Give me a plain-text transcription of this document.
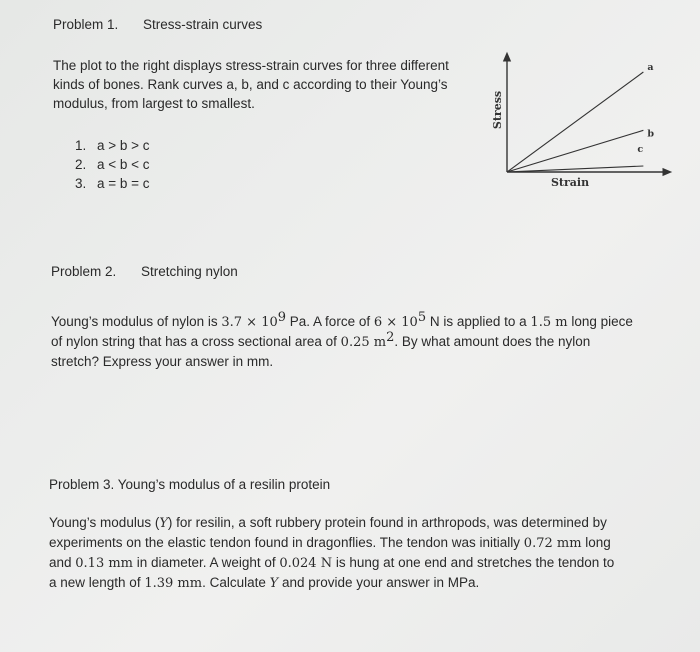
Problem 1. Stress-strain curves

The plot to the right displays stress-strain curves for three different
kinds of bones. Rank curves a, b, and c according to their Young’s
modulus, from largest to smallest.

1. a > b > c
2. a < b < c
3. a = b = c
a
b
c
Stress
Strain

Problem 2. Stretching nylon

Young’s modulus of nylon is $3.7 \times 10^9$ Pa. A force of $6 \times 10^5$ N is applied to a 1.5 m long piece
of nylon string that has a cross sectional area of 0.25 $m^2$. By what amount does the nylon
stretch? Express your answer in mm.

Problem 3. Young’s modulus of a resilin protein

Young’s modulus (Y) for resilin, a soft rubbery protein found in arthropods, was determined by
experiments on the elastic tendon found in dragonflies. The tendon was initially 0.72 mm long
and 0.13 mm in diameter. A weight of 0.024 N is hung at one end and stretches the tendon to
a new length of 1.39 mm. Calculate Y and provide your answer in MPa.
